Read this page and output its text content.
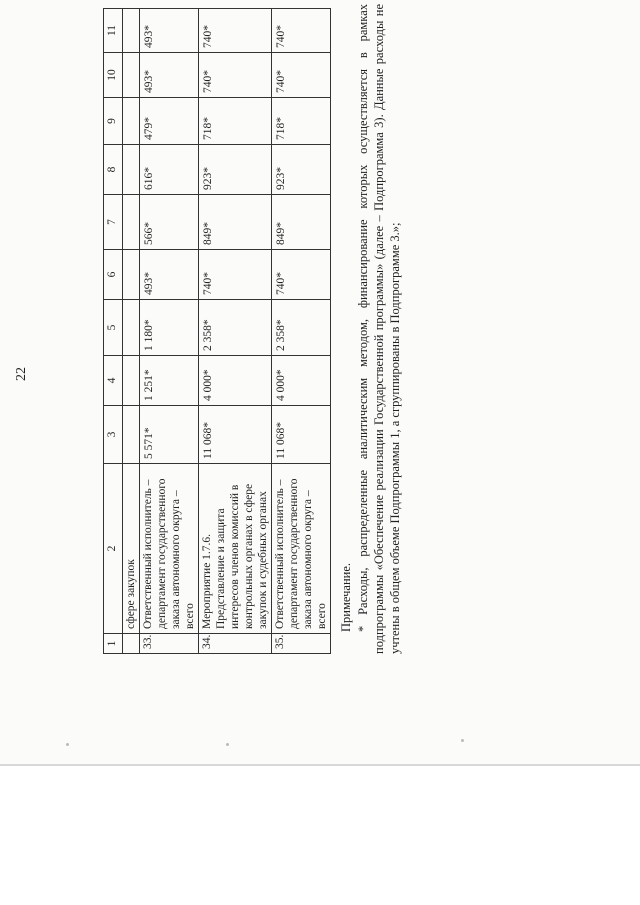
22
1	2	3	4	5	6	7	8	9	10	11
	сфере закупок									
33.	Ответственный исполнитель – департамент государственного заказа автономного округа – всего	5 571*	1 251*	1 180*	493*	566*	616*	479*	493*	493*
34.	Мероприятие 1.7.6. Представление и защита интересов членов комиссий в контрольных органах в сфере закупок и судебных органах	11 068*	4 000*	2 358*	740*	849*	923*	718*	740*	740*
35.	Ответственный исполнитель – департамент государственного заказа автономного округа – всего	11 068*	4 000*	2 358*	740*	849*	923*	718*	740*	740*

Примечание. * Расходы, распределенные аналитическим методом, финансирование которых осуществляется в рамках подпрограммы «Обеспечение реализации Государственной программы» (далее – Подпрограмма 3). Данные расходы не учтены в общем объеме Подпрограммы 1, а сгруппированы в Подпрограмме 3.»;
